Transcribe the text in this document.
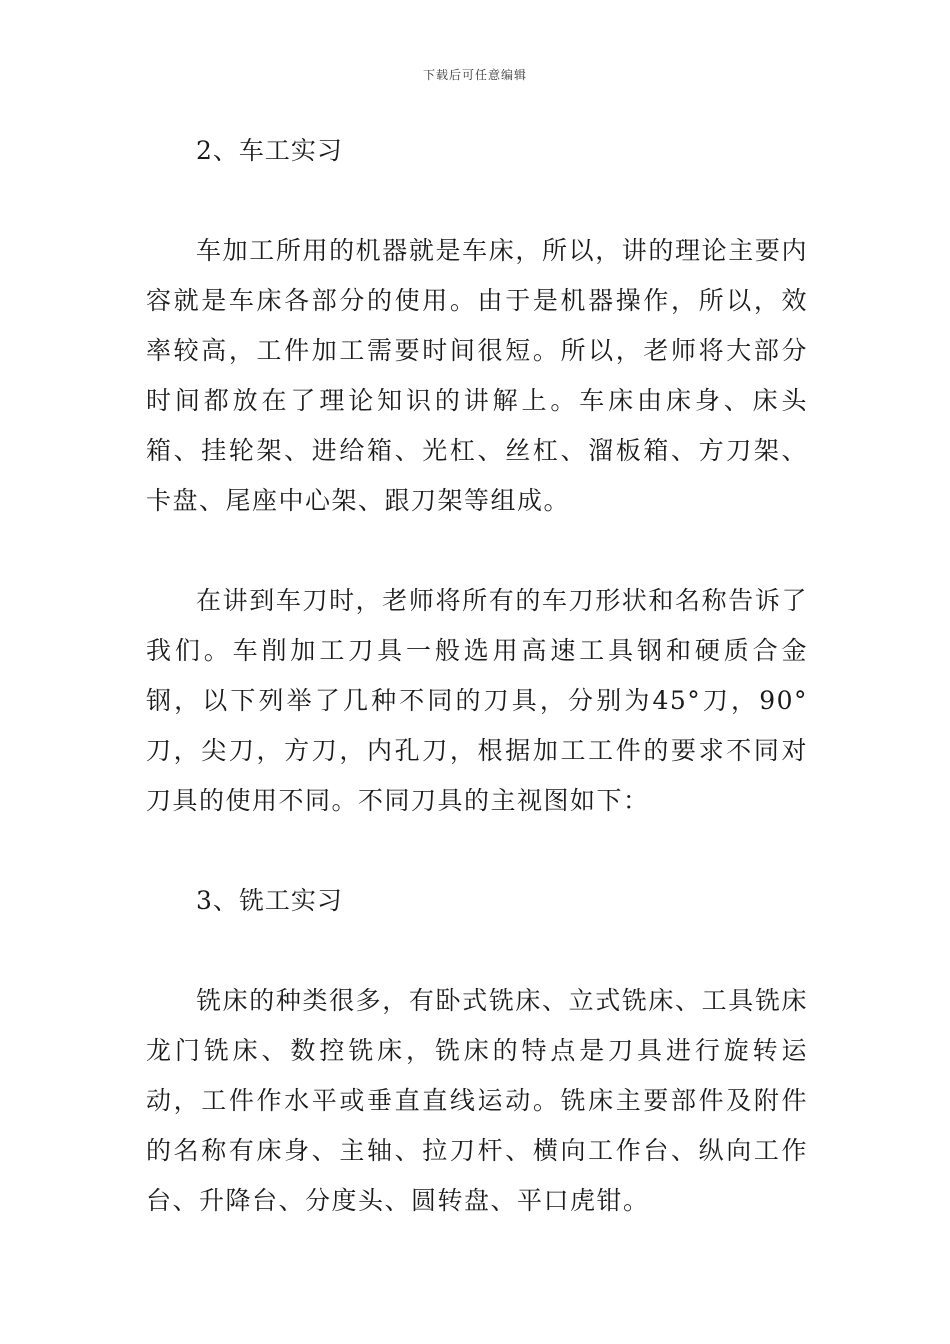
下载后可任意编辑

2、车工实习

车加工所用的机器就是车床，所以，讲的理论主要内容就是车床各部分的使用。由于是机器操作，所以，效率较高，工件加工需要时间很短。所以，老师将大部分时间都放在了理论知识的讲解上。车床由床身、床头箱、挂轮架、进给箱、光杠、丝杠、溜板箱、方刀架、卡盘、尾座中心架、跟刀架等组成。

在讲到车刀时，老师将所有的车刀形状和名称告诉了我们。车削加工刀具一般选用高速工具钢和硬质合金钢，以下列举了几种不同的刀具，分别为45°刀，90°刀，尖刀，方刀，内孔刀，根据加工工件的要求不同对刀具的使用不同。不同刀具的主视图如下：

3、铣工实习

铣床的种类很多，有卧式铣床、立式铣床、工具铣床龙门铣床、数控铣床，铣床的特点是刀具进行旋转运动，工件作水平或垂直直线运动。铣床主要部件及附件的名称有床身、主轴、拉刀杆、横向工作台、纵向工作台、升降台、分度头、圆转盘、平口虎钳。
